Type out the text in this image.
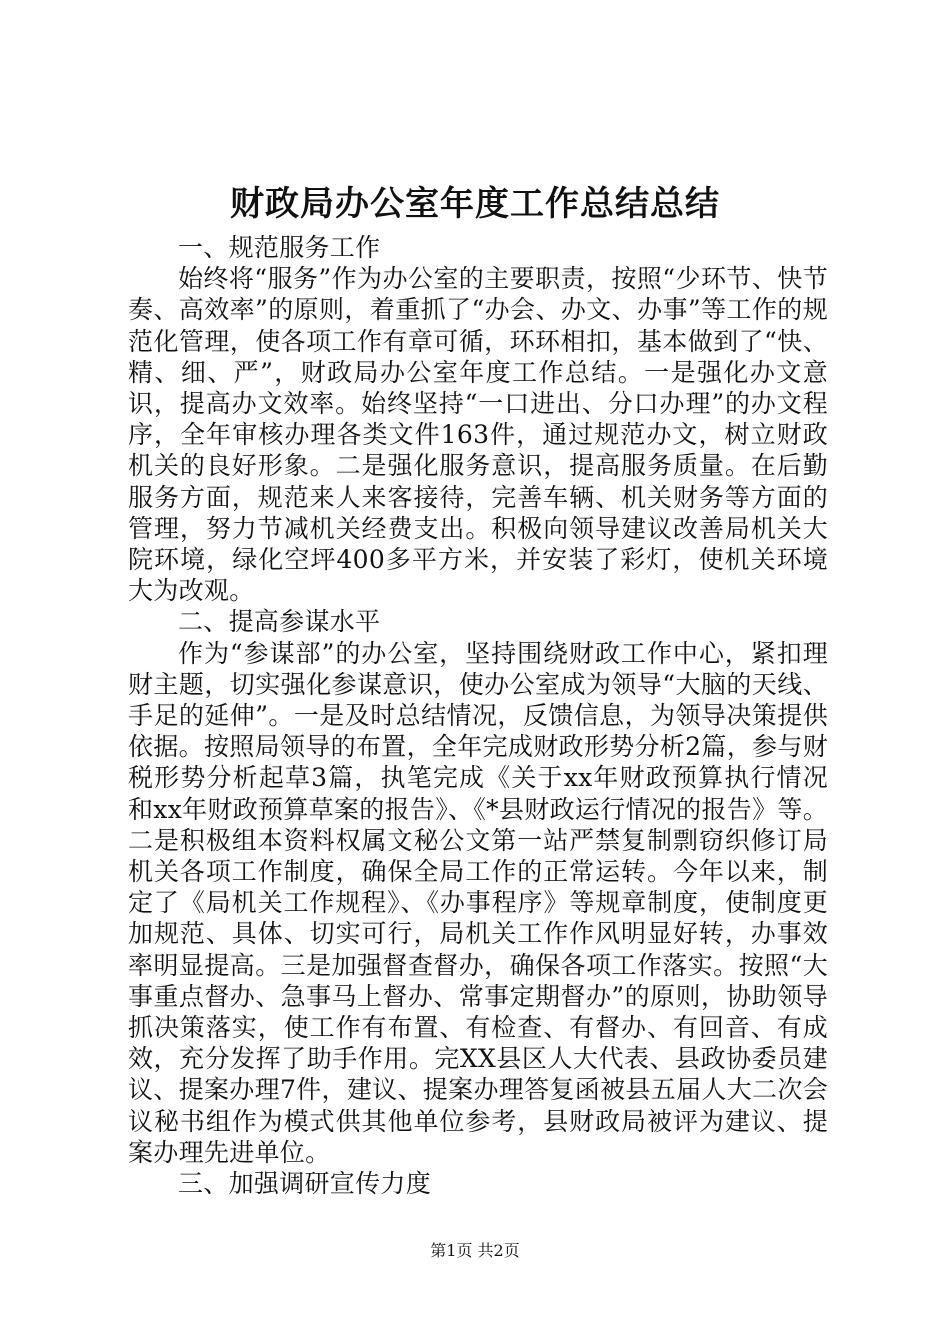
财政局办公室年度工作总结总结

一、规范服务工作

始终将“服务”作为办公室的主要职责，按照“少环节、快节奏、高效率”的原则，着重抓了“办会、办文、办事”等工作的规范化管理，使各项工作有章可循，环环相扣，基本做到了“快、精、细、严”，财政局办公室年度工作总结。一是强化办文意识，提高办文效率。始终坚持“一口进出、分口办理”的办文程序，全年审核办理各类文件163件，通过规范办文，树立财政机关的良好形象。二是强化服务意识，提高服务质量。在后勤服务方面，规范来人来客接待，完善车辆、机关财务等方面的管理，努力节减机关经费支出。积极向领导建议改善局机关大院环境，绿化空坪400多平方米，并安装了彩灯，使机关环境大为改观。

二、提高参谋水平

作为“参谋部”的办公室，坚持围绕财政工作中心，紧扣理财主题，切实强化参谋意识，使办公室成为领导“大脑的天线、手足的延伸”。一是及时总结情况，反馈信息，为领导决策提供依据。按照局领导的布置，全年完成财政形势分析2篇，参与财税形势分析起草3篇，执笔完成《关于xx年财政预算执行情况和xx年财政预算草案的报告》、《*县财政运行情况的报告》等。二是积极组本资料权属文秘公文第一站严禁复制剽窃织修订局机关各项工作制度，确保全局工作的正常运转。今年以来，制定了《局机关工作规程》、《办事程序》等规章制度，使制度更加规范、具体、切实可行，局机关工作作风明显好转，办事效率明显提高。三是加强督查督办，确保各项工作落实。按照“大事重点督办、急事马上督办、常事定期督办”的原则，协助领导抓决策落实，使工作有布置、有检查、有督办、有回音、有成效，充分发挥了助手作用。完XX县区人大代表、县政协委员建议、提案办理7件，建议、提案办理答复函被县五届人大二次会议秘书组作为模式供其他单位参考，县财政局被评为建议、提案办理先进单位。

三、加强调研宣传力度

第1页 共2页
